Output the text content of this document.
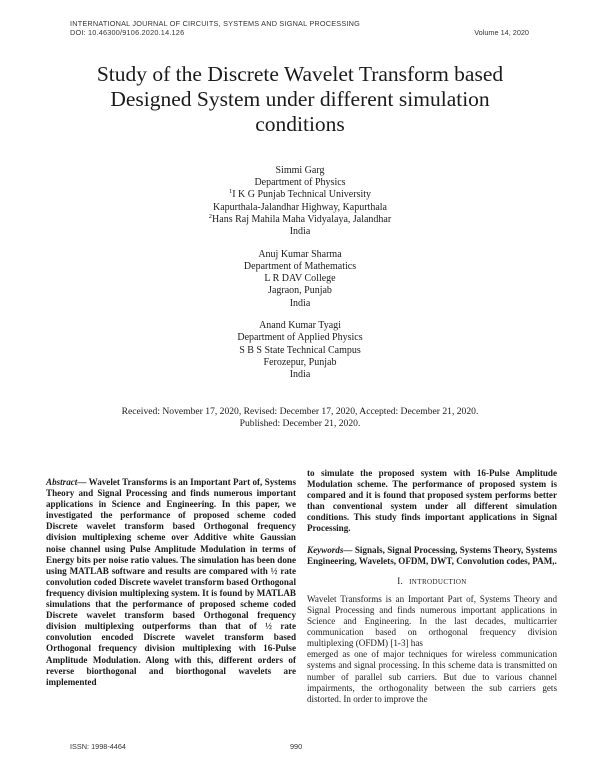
INTERNATIONAL JOURNAL OF CIRCUITS, SYSTEMS AND SIGNAL PROCESSING
DOI: 10.46300/9106.2020.14.126	Volume 14, 2020
Study of the Discrete Wavelet Transform based
Designed System under different simulation
conditions
Simmi Garg
Department of Physics
$^1$I K G Punjab Technical University
Kapurthala-Jalandhar Highway, Kapurthala
$^2$Hans Raj Mahila Maha Vidyalaya, Jalandhar
India
Anuj Kumar Sharma
Department of Mathematics
L R DAV College
Jagraon, Punjab
India
Anand Kumar Tyagi
Department of Applied Physics
S B S State Technical Campus
Ferozepur, Punjab
India
Received: November 17, 2020, Revised: December 17, 2020, Accepted: December 21, 2020.
Published: December 21, 2020.

Abstract— Wavelet Transforms is an Important Part of, Systems Theory and Signal Processing and finds numerous important applications in Science and Engineering. In this paper, we investigated the performance of proposed scheme coded Discrete wavelet transform based Orthogonal frequency division multiplexing scheme over Additive white Gaussian noise channel using Pulse Amplitude Modulation in terms of Energy bits per noise ratio values. The simulation has been done using MATLAB software and results are compared with ½ rate convolution coded Discrete wavelet transform based Orthogonal frequency division multiplexing system. It is found by MATLAB simulations that the performance of proposed scheme coded Discrete wavelet transform based Orthogonal frequency division multiplexing outperforms than that of ½ rate convolution encoded Discrete wavelet transform based Orthogonal frequency division multiplexing with 16-Pulse Amplitude Modulation. Along with this, different orders of reverse biorthogonal and biorthogonal wavelets are implemented

to simulate the proposed system with 16-Pulse Amplitude Modulation scheme. The performance of proposed system is compared and it is found that proposed system performs better than conventional system under all different simulation conditions. This study finds important applications in Signal Processing.

Keywords— Signals, Signal Processing, Systems Theory, Systems Engineering, Wavelets, OFDM, DWT, Convolution codes, PAM,.

I. INTRODUCTION

Wavelet Transforms is an Important Part of, Systems Theory and Signal Processing and finds numerous important applications in Science and Engineering. In the last decades, multicarrier communication based on orthogonal frequency division multiplexing (OFDM) [1-3] has

emerged as one of major techniques for wireless communication systems and signal processing. In this scheme data is transmitted on number of parallel sub carriers. But due to various channel impairments, the orthogonality between the sub carriers gets distorted. In order to improve the

ISSN: 1998-4464	990
